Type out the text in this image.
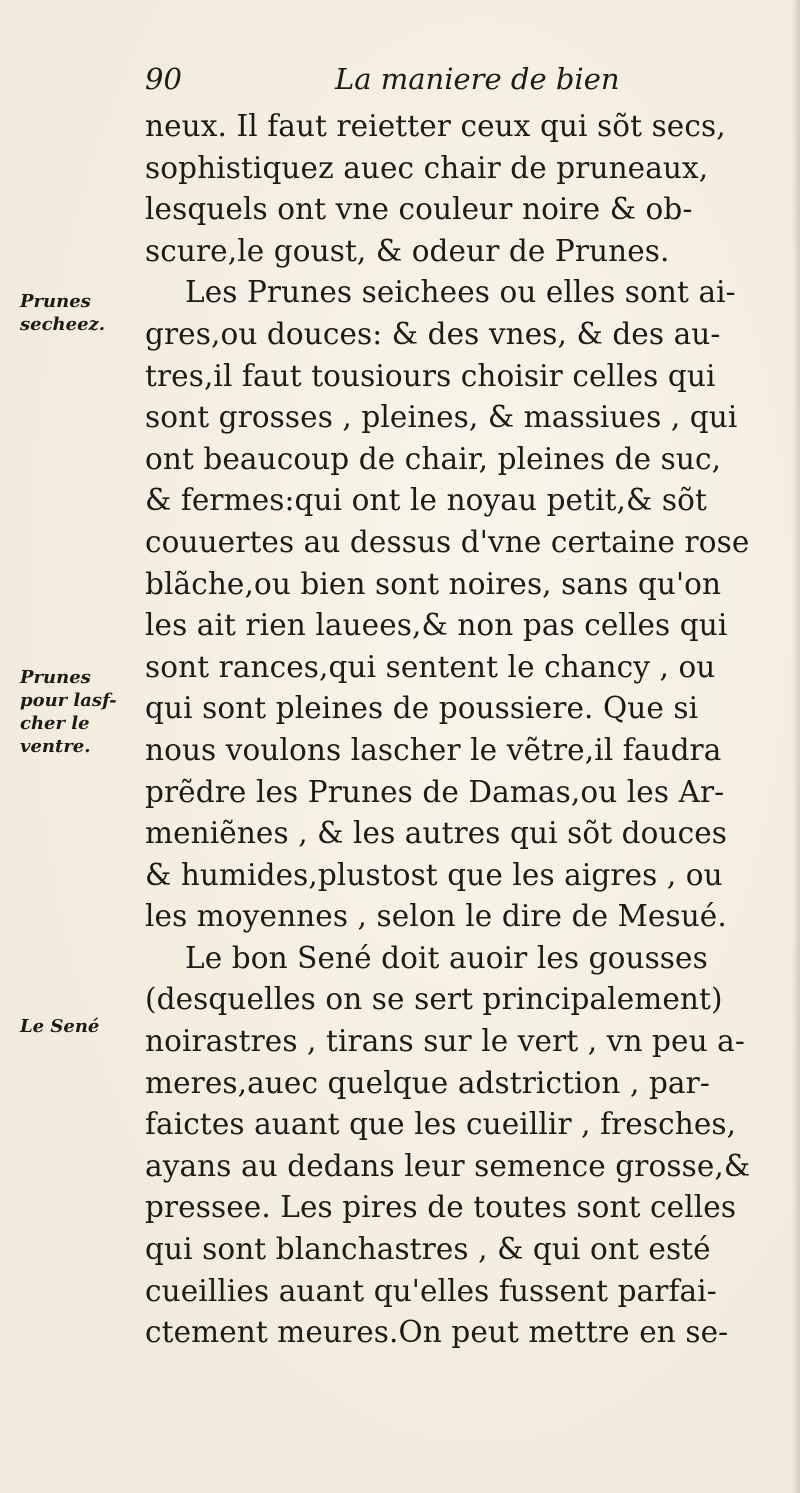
90	La maniere de bien
Prunes
secheez.
Prunes
pour lasf-
cher le
ventre.
Le Sené
neux. Il faut reietter ceux qui sõt secs,
sophistiquez auec chair de pruneaux,
lesquels ont vne couleur noire & ob-
scure,le goust, & odeur de Prunes.
Les Prunes seichees ou elles sont ai-
gres,ou douces: & des vnes, & des au-
tres,il faut tousiours choisir celles qui
sont grosses , pleines, & massiues , qui
ont beaucoup de chair, pleines de suc,
& fermes:qui ont le noyau petit,& sõt
couuertes au dessus d'vne certaine rose
blãche,ou bien sont noires, sans qu'on
les ait rien lauees,& non pas celles qui
sont rances,qui sentent le chancy , ou
qui sont pleines de poussiere. Que si
nous voulons lascher le vẽtre,il faudra
prẽdre les Prunes de Damas,ou les Ar-
meniẽnes , & les autres qui sõt douces
& humides,plustost que les aigres , ou
les moyennes , selon le dire de Mesué.
Le bon Sené doit auoir les gousses
(desquelles on se sert principalement)
noirastres , tirans sur le vert , vn peu a-
meres,auec quelque adstriction , par-
faictes auant que les cueillir , fresches,
ayans au dedans leur semence grosse,&
pressee. Les pires de toutes sont celles
qui sont blanchastres , & qui ont esté
cueillies auant qu'elles fussent parfai-
ctement meures.On peut mettre en se-
